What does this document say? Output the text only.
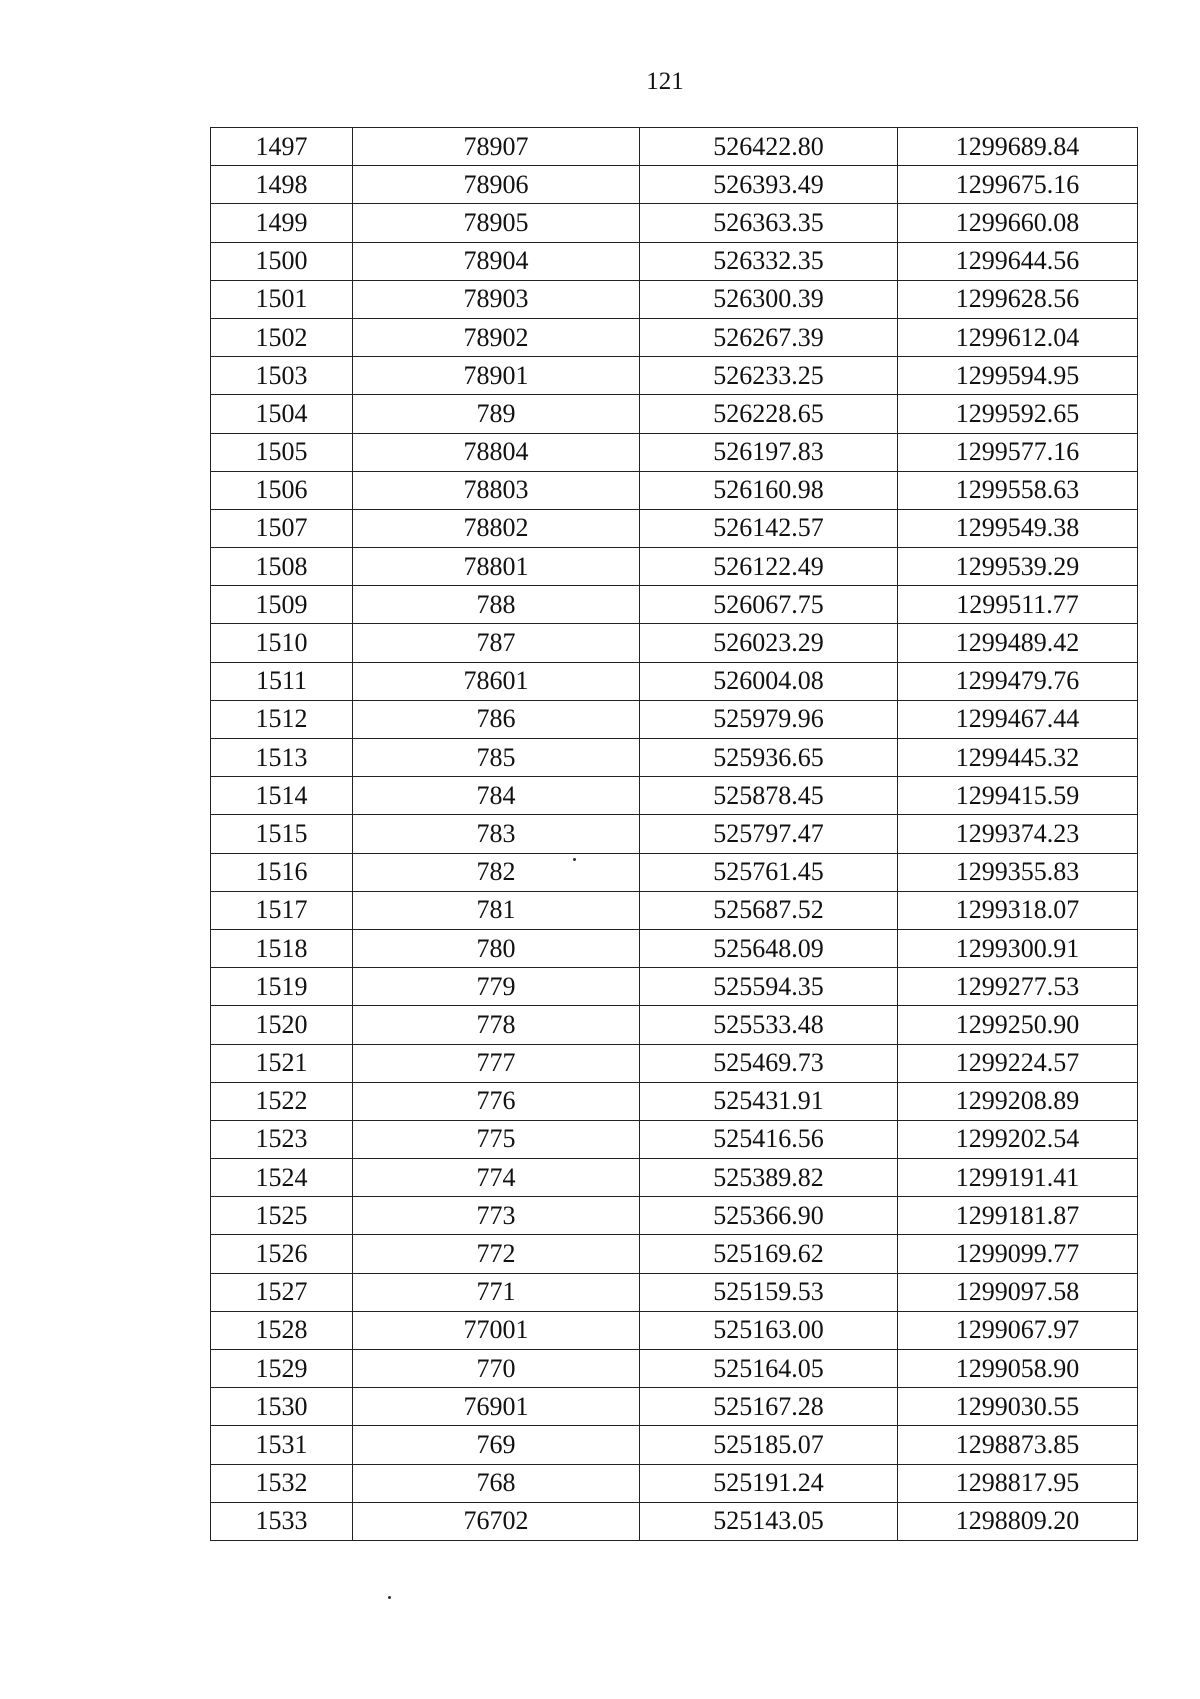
121
1497	78907	526422.80	1299689.84
1498	78906	526393.49	1299675.16
1499	78905	526363.35	1299660.08
1500	78904	526332.35	1299644.56
1501	78903	526300.39	1299628.56
1502	78902	526267.39	1299612.04
1503	78901	526233.25	1299594.95
1504	789	526228.65	1299592.65
1505	78804	526197.83	1299577.16
1506	78803	526160.98	1299558.63
1507	78802	526142.57	1299549.38
1508	78801	526122.49	1299539.29
1509	788	526067.75	1299511.77
1510	787	526023.29	1299489.42
1511	78601	526004.08	1299479.76
1512	786	525979.96	1299467.44
1513	785	525936.65	1299445.32
1514	784	525878.45	1299415.59
1515	783	525797.47	1299374.23
1516	782	525761.45	1299355.83
1517	781	525687.52	1299318.07
1518	780	525648.09	1299300.91
1519	779	525594.35	1299277.53
1520	778	525533.48	1299250.90
1521	777	525469.73	1299224.57
1522	776	525431.91	1299208.89
1523	775	525416.56	1299202.54
1524	774	525389.82	1299191.41
1525	773	525366.90	1299181.87
1526	772	525169.62	1299099.77
1527	771	525159.53	1299097.58
1528	77001	525163.00	1299067.97
1529	770	525164.05	1299058.90
1530	76901	525167.28	1299030.55
1531	769	525185.07	1298873.85
1532	768	525191.24	1298817.95
1533	76702	525143.05	1298809.20
